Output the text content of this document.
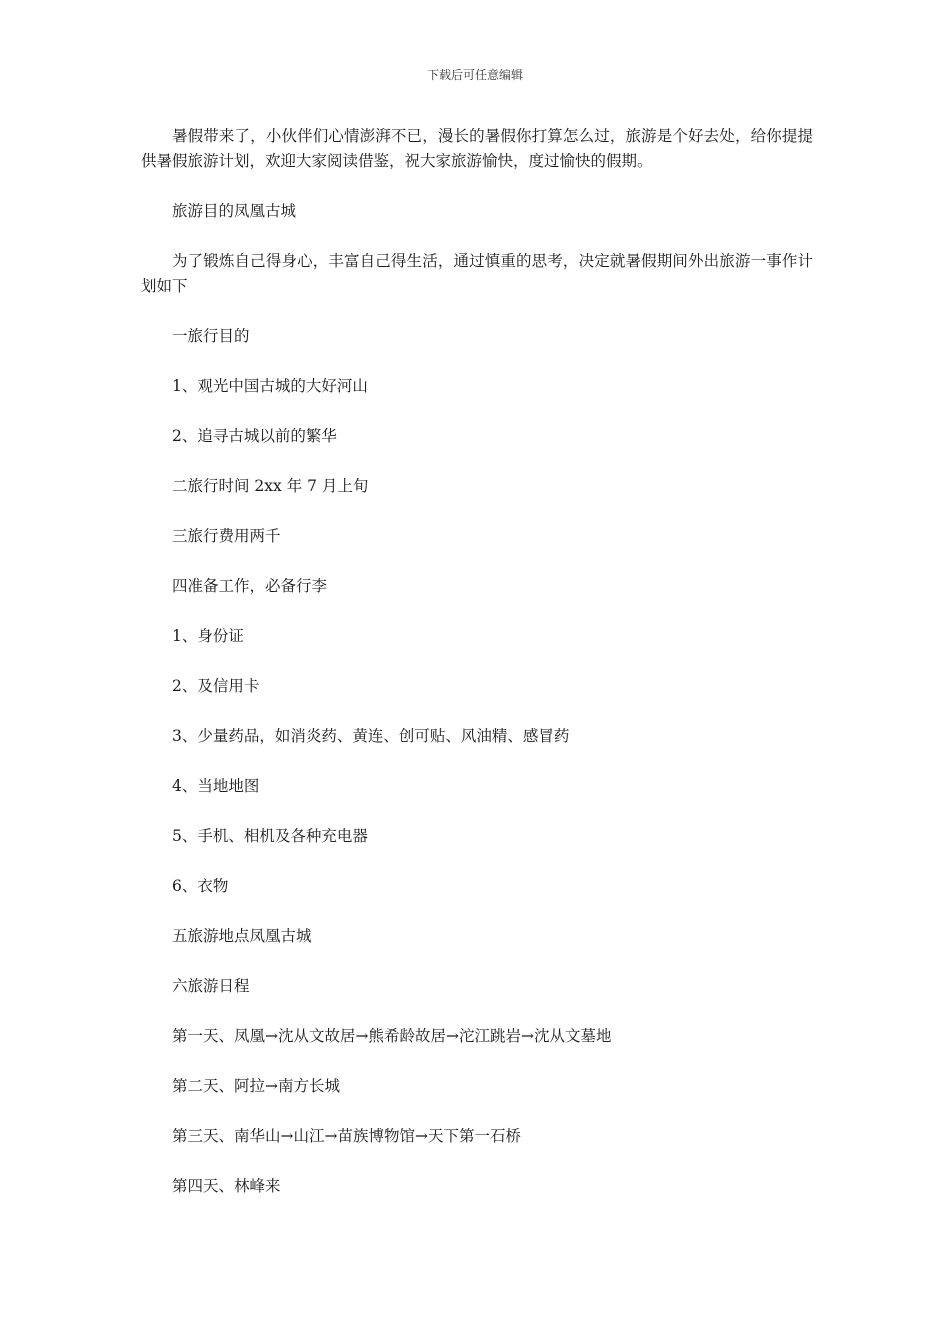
下载后可任意编辑

暑假带来了，小伙伴们心情澎湃不已，漫长的暑假你打算怎么过，旅游是个好去处，给你提提供暑假旅游计划，欢迎大家阅读借鉴，祝大家旅游愉快，度过愉快的假期。

旅游目的凤凰古城

为了锻炼自己得身心，丰富自己得生活，通过慎重的思考，决定就暑假期间外出旅游一事作计划如下

一旅行目的

1、观光中国古城的大好河山

2、追寻古城以前的繁华

二旅行时间 2xx 年 7 月上旬

三旅行费用两千

四准备工作，必备行李

1、身份证

2、及信用卡

3、少量药品，如消炎药、黄连、创可贴、风油精、感冒药

4、当地地图

5、手机、相机及各种充电器

6、衣物

五旅游地点凤凰古城

六旅游日程

第一天、凤凰→沈从文故居→熊希龄故居→沱江跳岩→沈从文墓地

第二天、阿拉→南方长城

第三天、南华山→山江→苗族博物馆→天下第一石桥

第四天、林峰来
